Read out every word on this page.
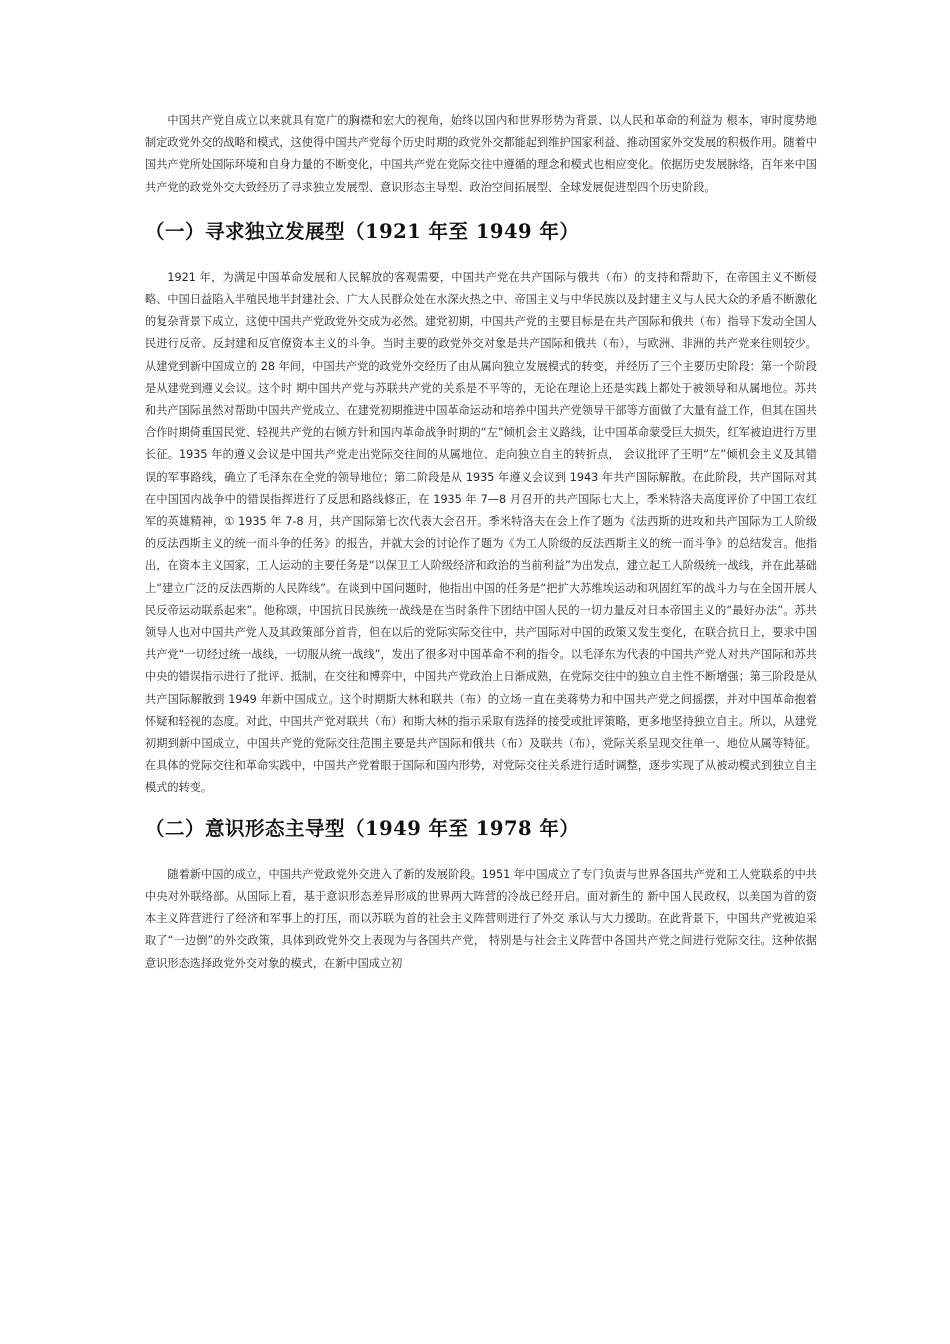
中国共产党自成立以来就具有宽广的胸襟和宏大的视角，始终以国内和世界形势为背景、以人民和革命的利益为 根本，审时度势地制定政党外交的战略和模式，这使得中国共产党每个历史时期的政党外交都能起到维护国家利益、推动国家外交发展的积极作用。随着中国共产党所处国际环境和自身力量的不断变化，中国共产党在党际交往中遵循的理念和模式也相应变化。依据历史发展脉络，百年来中国共产党的政党外交大致经历了寻求独立发展型、意识形态主导型、政治空间拓展型、全球发展促进型四个历史阶段。

（一）寻求独立发展型（1921 年至 1949 年）

1921 年，为满足中国革命发展和人民解放的客观需要，中国共产党在共产国际与俄共（布）的支持和帮助下，在帝国主义不断侵略、中国日益陷入半殖民地半封建社会、广大人民群众处在水深火热之中、帝国主义与中华民族以及封建主义与人民大众的矛盾不断激化的复杂背景下成立，这使中国共产党政党外交成为必然。建党初期，中国共产党的主要目标是在共产国际和俄共（布）指导下发动全国人民进行反帝、反封建和反官僚资本主义的斗争。当时主要的政党外交对象是共产国际和俄共（布），与欧洲、非洲的共产党来往则较少。从建党到新中国成立的 28 年间，中国共产党的政党外交经历了由从属向独立发展模式的转变，并经历了三个主要历史阶段：第一个阶段是从建党到遵义会议。这个时 期中国共产党与苏联共产党的关系是不平等的，无论在理论上还是实践上都处于被领导和从属地位。苏共和共产国际虽然对帮助中国共产党成立、在建党初期推进中国革命运动和培养中国共产党领导干部等方面做了大量有益工作，但其在国共合作时期倚重国民党、轻视共产党的右倾方针和国内革命战争时期的“左”倾机会主义路线，让中国革命蒙受巨大损失，红军被迫进行万里长征。1935 年的遵义会议是中国共产党走出党际交往间的从属地位、走向独立自主的转折点， 会议批评了王明“左”倾机会主义及其错误的军事路线，确立了毛泽东在全党的领导地位；第二阶段是从 1935 年遵义会议到 1943 年共产国际解散。在此阶段，共产国际对其在中国国内战争中的错误指挥进行了反思和路线修正，在 1935 年 7—8 月召开的共产国际七大上，季米特洛夫高度评价了中国工农红军的英雄精神，① 1935 年 7-8 月，共产国际第七次代表大会召开。季米特洛夫在会上作了题为《法西斯的进攻和共产国际为工人阶级的反法西斯主义的统一而斗争的任务》的报告，并就大会的讨论作了题为《为工人阶级的反法西斯主义的统一而斗争》的总结发言。他指出，在资本主义国家，工人运动的主要任务是“以保卫工人阶级经济和政治的当前利益”为出发点，建立起工人阶级统一战线，并在此基础上“建立广泛的反法西斯的人民阵线”。在谈到中国问题时，他指出中国的任务是“把扩大苏维埃运动和巩固红军的战斗力与在全国开展人民反帝运动联系起来”。他称颂，中国抗日民族统一战线是在当时条件下团结中国人民的一切力量反对日本帝国主义的“最好办法”。苏共领导人也对中国共产党人及其政策部分首肯，但在以后的党际实际交往中，共产国际对中国的政策又发生变化，在联合抗日上，要求中国共产党“一切经过统一战线，一切服从统一战线”，发出了很多对中国革命不利的指令。以毛泽东为代表的中国共产党人对共产国际和苏共中央的错误指示进行了批评、抵制，在交往和博弈中，中国共产党政治上日渐成熟，在党际交往中的独立自主性不断增强；第三阶段是从共产国际解散到 1949 年新中国成立。这个时期斯大林和联共（布）的立场一直在美蒋势力和中国共产党之间摇摆，并对中国革命抱着怀疑和轻视的态度。对此，中国共产党对联共（布）和斯大林的指示采取有选择的接受或批评策略，更多地坚持独立自主。所以，从建党初期到新中国成立，中国共产党的党际交往范围主要是共产国际和俄共（布）及联共（布），党际关系呈现交往单一、地位从属等特征。在具体的党际交往和革命实践中，中国共产党着眼于国际和国内形势，对党际交往关系进行适时调整，逐步实现了从被动模式到独立自主模式的转变。

（二）意识形态主导型（1949 年至 1978 年）

随着新中国的成立，中国共产党政党外交进入了新的发展阶段。1951 年中国成立了专门负责与世界各国共产党和工人党联系的中共中央对外联络部。从国际上看，基于意识形态差异形成的世界两大阵营的冷战已经开启。面对新生的 新中国人民政权，以美国为首的资本主义阵营进行了经济和军事上的打压，而以苏联为首的社会主义阵营则进行了外交 承认与大力援助。在此背景下，中国共产党被迫采取了“一边倒”的外交政策，具体到政党外交上表现为与各国共产党， 特别是与社会主义阵营中各国共产党之间进行党际交往。这种依据意识形态选择政党外交对象的模式，在新中国成立初
